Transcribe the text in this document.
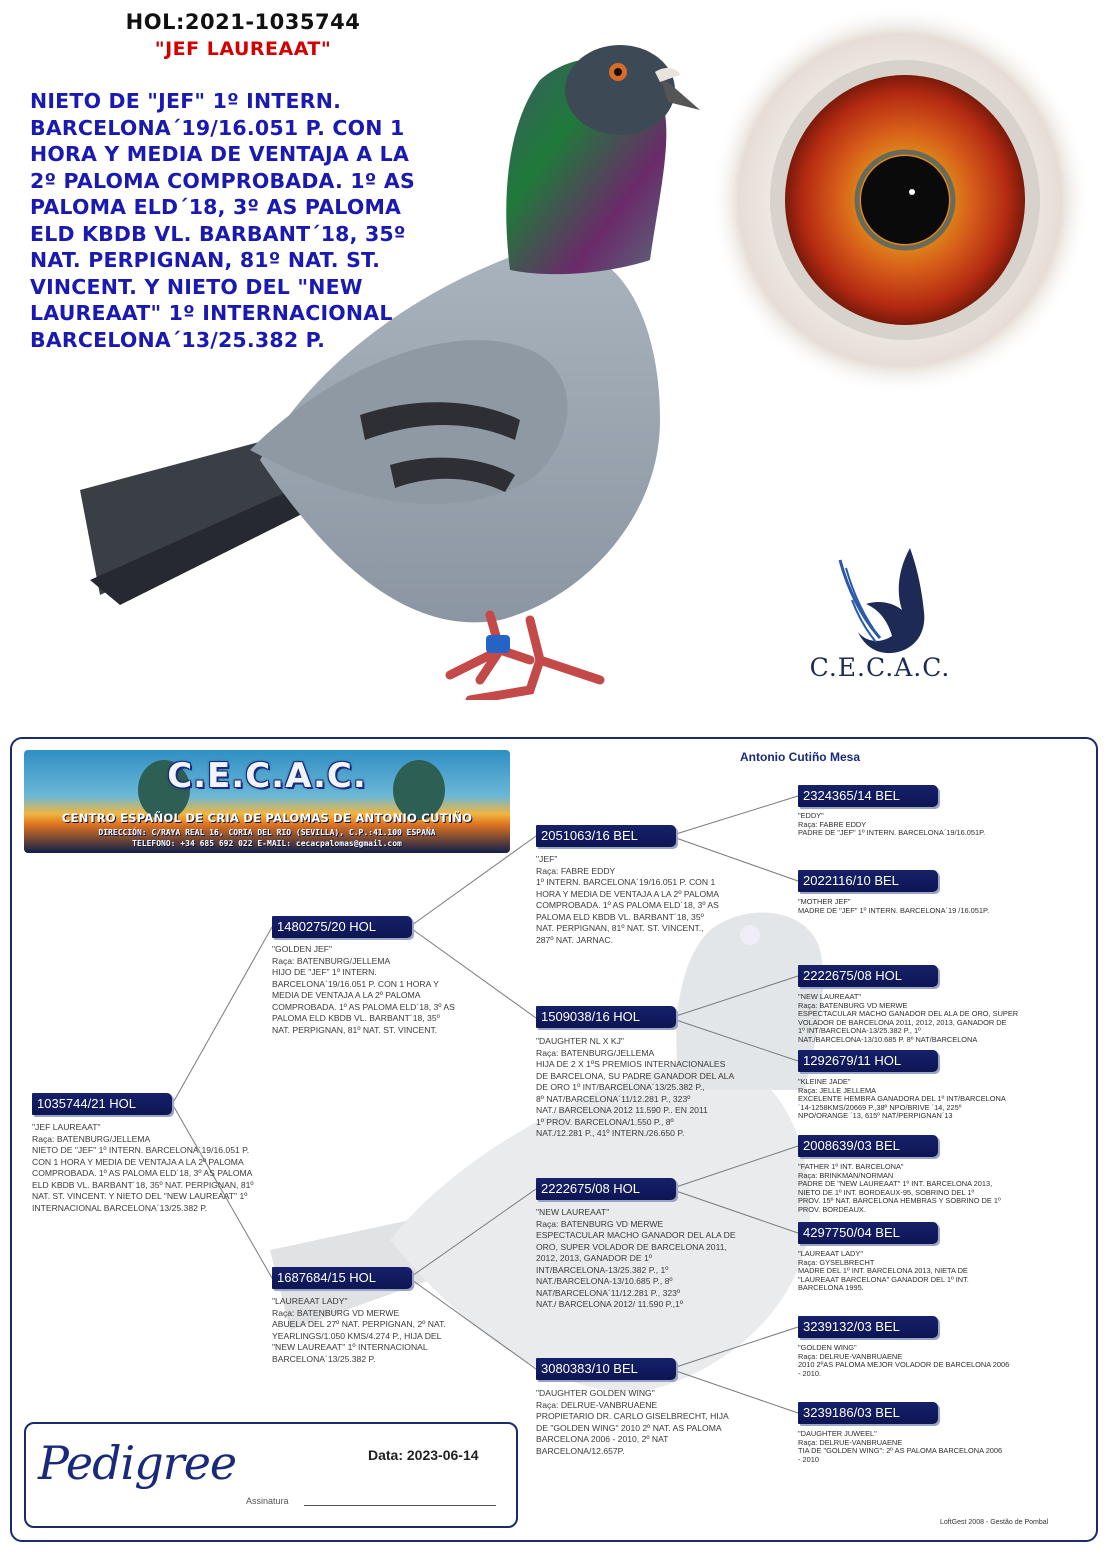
HOL:2021-1035744
"JEF LAUREAAT"
NIETO DE "JEF" 1º INTERN.
BARCELONA´19/16.051 P. CON 1
HORA Y MEDIA DE VENTAJA A LA
2º PALOMA COMPROBADA. 1º AS
PALOMA ELD´18, 3º AS PALOMA
ELD KBDB VL. BARBANT´18, 35º
NAT. PERPIGNAN, 81º NAT. ST.
VINCENT. Y NIETO DEL "NEW
LAUREAAT" 1º INTERNACIONAL
BARCELONA´13/25.382 P.
C.E.C.A.C.
Antonio Cutiño Mesa
C.E.C.A.C.
CENTRO ESPAÑOL DE CRIA DE PALOMAS DE ANTONIO CUTIÑO
DIRECCIÓN: C/RAYA REAL 16, CORIA DEL RIO (SEVILLA), C.P.:41.100 ESPAÑA
TELEFONO: +34 685 692 022 E-MAIL: cecacpalomas@gmail.com
1035744/21 HOL
"JEF LAUREAAT"
Raça: BATENBURG/JELLEMA
NIETO DE "JEF" 1º INTERN. BARCELONA´19/16.051 P.
CON 1 HORA Y MEDIA DE VENTAJA A LA 2º PALOMA
COMPROBADA. 1º AS PALOMA ELD´18, 3º AS PALOMA
ELD KBDB VL. BARBANT´18, 35º NAT. PERPIGNAN, 81º
NAT. ST. VINCENT. Y NIETO DEL "NEW LAUREAAT" 1º
INTERNACIONAL BARCELONA´13/25.382 P.
1480275/20 HOL
"GOLDEN JEF"
Raça: BATENBURG/JELLEMA
HIJO DE "JEF" 1º INTERN.
BARCELONA´19/16.051 P. CON 1 HORA Y
MEDIA DE VENTAJA A LA 2º PALOMA
COMPROBADA. 1º AS PALOMA ELD´18, 3º AS
PALOMA ELD KBDB VL. BARBANT´18, 35º
NAT. PERPIGNAN, 81º NAT. ST. VINCENT.
1687684/15 HOL
"LAUREAAT LADY"
Raça: BATENBURG VD MERWE
ABUELA DEL 27º NAT. PERPIGNAN, 2º NAT.
YEARLINGS/1.050 KMS/4.274 P., HIJA DEL
"NEW LAUREAAT" 1º INTERNACIONAL
BARCELONA´13/25.382 P.
2051063/16 BEL
"JEF"
Raça: FABRE EDDY
1º INTERN. BARCELONA´19/16.051 P. CON 1
HORA Y MEDIA DE VENTAJA A LA 2º PALOMA
COMPROBADA. 1º AS PALOMA ELD´18, 3º AS
PALOMA ELD KBDB VL. BARBANT´18, 35º
NAT. PERPIGNAN, 81º NAT. ST. VINCENT.,
287º NAT. JARNAC.
1509038/16 HOL
"DAUGHTER NL X KJ"
Raça: BATENBURG/JELLEMA
HIJA DE 2 X 1ºS PREMIOS INTERNACIONALES
DE BARCELONA, SU PADRE GANADOR DEL ALA
DE ORO 1º INT/BARCELONA´13/25.382 P.,
8º NAT/BARCELONA´11/12.281 P., 323º
NAT./ BARCELONA 2012 11.590 P.. EN 2011
1º PROV. BARCELONA/1.550 P., 8º
NAT./12.281 P., 41º INTERN./26.650 P.
2222675/08 HOL
"NEW LAUREAAT"
Raça: BATENBURG VD MERWE
ESPECTACULAR MACHO GANADOR DEL ALA DE
ORO, SUPER VOLADOR DE BARCELONA 2011,
2012, 2013, GANADOR DE 1º
INT/BARCELONA-13/25.382 P., 1º
NAT./BARCELONA-13/10.685 P., 8º
NAT/BARCELONA´11/12.281 P., 323º
NAT./ BARCELONA 2012/ 11.590 P.,1º
3080383/10 BEL
"DAUGHTER GOLDEN WING"
Raça: DELRUE-VANBRUAENE
PROPIETARIO DR. CARLO GISELBRECHT, HIJA
DE "GOLDEN WING" 2010 2º NAT. AS PALOMA
BARCELONA 2006 - 2010, 2º NAT
BARCELONA/12.657P.
2324365/14 BEL
"EDDY"
Raça: FABRE EDDY
PADRE DE "JEF" 1º INTERN. BARCELONA´19/16.051P.
2022116/10 BEL
"MOTHER JEF"
MADRE DE "JEF" 1º INTERN. BARCELONA´19 /16.051P.
2222675/08 HOL
"NEW LAUREAAT"
Raça: BATENBURG VD MERWE
ESPECTACULAR MACHO GANADOR DEL ALA DE ORO, SUPER
VOLADOR DE BARCELONA 2011, 2012, 2013, GANADOR DE
1º INT/BARCELONA-13/25.382 P., 1º
NAT./BARCELONA-13/10.685 P. 8º NAT/BARCELONA
1292679/11 HOL
"KLEINE JADE"
Raça: JELLE JELLEMA
EXCELENTE HEMBRA GANADORA DEL 1º INT/BARCELONA
´14-1258KMS/20669 P.,38º NPO/BRIVE ´14, 225º
NPO/ORANGE ´13, 615º NAT/PERPIGNAN´13
2008639/03 BEL
"FATHER 1º INT. BARCELONA"
Raça: BRINKMAN/NORMAN
PADRE DE "NEW LAUREAAT" 1º INT. BARCELONA 2013,
NIETO DE 1º INT. BORDEAUX-95, SOBRINO DEL 1º
PROV. 15º NAT. BARCELONA HEMBRAS Y SOBRINO DE 1º
PROV. BORDEAUX.
4297750/04 BEL
"LAUREAAT LADY"
Raça: GYSELBRECHT
MADRE DEL 1º INT. BARCELONA 2013, NIETA DE
"LAUREAAT BARCELONA" GANADOR DEL 1º INT.
BARCELONA 1995.
3239132/03 BEL
"GOLDEN WING"
Raça: DELRUE-VANBRUAENE
2010 2ºAS PALOMA MEJOR VOLADOR DE BARCELONA 2006
- 2010.
3239186/03 BEL
"DAUGHTER JUWEEL"
Raça: DELRUE-VANBRUAENE
TIA DE "GOLDEN WING": 2º AS PALOMA BARCELONA 2006
- 2010
Pedigree	Data: 2023-06-14
Assinatura
LoftGest 2008 - Gestão de Pombal
